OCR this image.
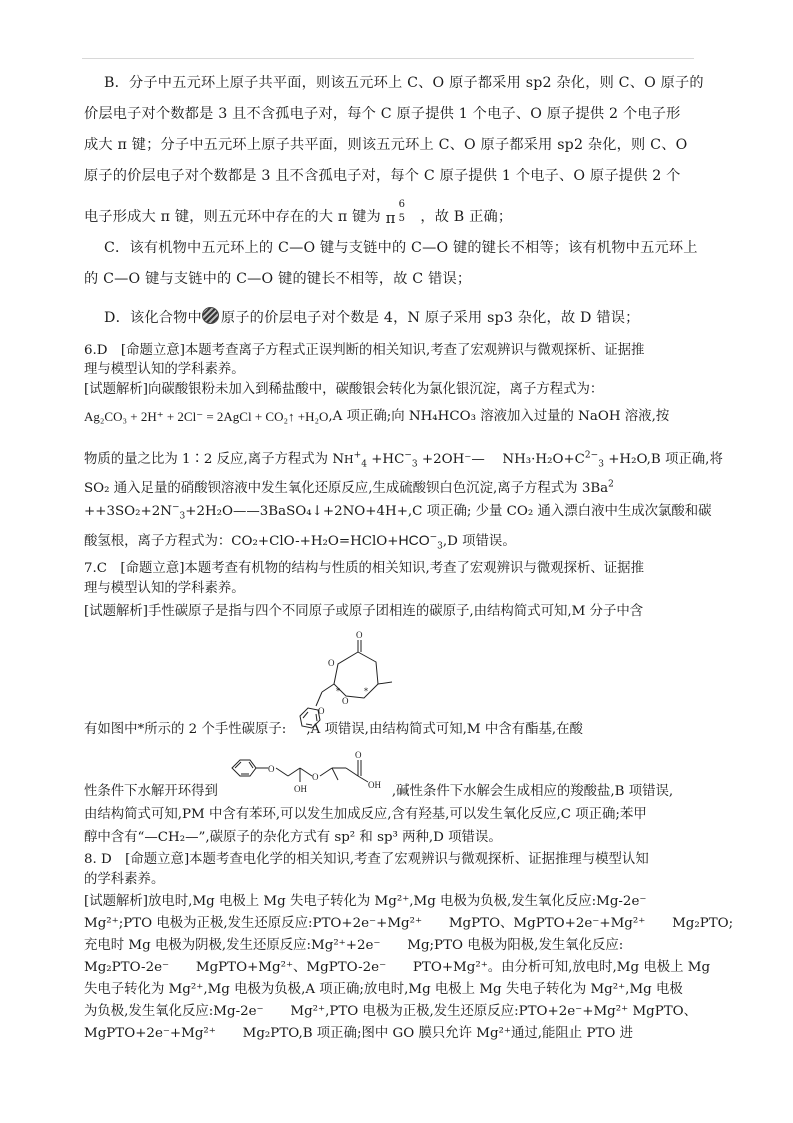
B．分子中五元环上原子共平面，则该五元环上 C、O 原子都采用 sp2 杂化，则 C、O 原子的
价层电子对个数都是 3 且不含孤电子对，每个 C 原子提供 1 个电子、O 原子提供 2 个电子形
成大 π 键；分子中五元环上原子共平面，则该五元环上 C、O 原子都采用 sp2 杂化，则 C、O
原子的价层电子对个数都是 3 且不含孤电子对，每个 C 原子提供 1 个电子、O 原子提供 2 个
电子形成大 π 键，则五元环中存在的大 π 键为 π
6
5 ，故 B 正确；
C．该有机物中五元环上的 C—O 键与支链中的 C—O 键的键长不相等；该有机物中五元环上
的 C—O 键与支链中的 C—O 键的键长不相等，故 C 错误；
D．该化合物中 原子的价层电子对个数是 4，N 原子采用 sp3 杂化，故 D 错误；
6.D　[命题立意]本题考查离子方程式正误判断的相关知识,考查了宏观辨识与微观探析、证据推
理与模型认知的学科素养。
[试题解析]向碳酸银粉未加入到稀盐酸中，碳酸银会转化为氯化银沉淀，离子方程式为：
Ag₂CO₃ + 2H⁺ + 2Cl⁻ = 2AgCl + CO₂↑ +H₂O,A 项正确;向 NH₄HCO₃ 溶液加入过量的 NaOH 溶液,按
物质的量之比为 1∶2 反应,离子方程式为 $NH^+_4 +HC^-_3$ +2OH⁻— 　$NH_3\cdot H_2O+C^{2-}_3 +H_2O,B$ 项正确,将
SO₂ 通入足量的硝酸钡溶液中发生氧化还原反应,生成硫酸钡白色沉淀,离子方程式为 $3Ba^2$
$++3SO_2+2N^-_3+2H_2O——3BaSO_4↓+2NO+4H+,C$ 项正确; 少量 CO₂ 通入漂白液中生成次氯酸和碳
酸氢根，离子方程式为：$CO_2+ClO-+H_2O=HClO+HCO^-_3,D$ 项错误。
7.C　[命题立意]本题考查有机物的结构与性质的相关知识,考查了宏观辨识与微观探析、证据推
理与模型认知的学科素养。
[试题解析]手性碳原子是指与四个不同原子或原子团相连的碳原子,由结构简式可知,M 分子中含
O
O
O
O
*	*
有如图中*所示的 2 个手性碳原子: ,A 项错误,由结构简式可知,M 中含有酯基,在酸
O
O
OH
O
OH
性条件下水解开环得到	,碱性条件下水解会生成相应的羧酸盐,B 项错误,
由结构简式可知,PM 中含有苯环,可以发生加成反应,含有羟基,可以发生氧化反应,C 项正确;苯甲
醇中含有“—CH₂—”,碳原子的杂化方式有 sp² 和 sp³ 两种,D 项错误。
8. D　[命题立意]本题考查电化学的相关知识,考查了宏观辨识与微观探析、证据推理与模型认知
的学科素养。
[试题解析]放电时,Mg 电极上 Mg 失电子转化为 Mg²⁺,Mg 电极为负极,发生氧化反应:Mg-2e⁻
Mg²⁺;PTO 电极为正极,发生还原反应:PTO+2e⁻+Mg²⁺　　MgPTO、MgPTO+2e⁻+Mg²⁺　　Mg₂PTO;
充电时 Mg 电极为阴极,发生还原反应:Mg²⁺+2e⁻　　Mg;PTO 电极为阳极,发生氧化反应:
Mg₂PTO-2e⁻　　MgPTO+Mg²⁺、MgPTO-2e⁻　　PTO+Mg²⁺。由分析可知,放电时,Mg 电极上 Mg
失电子转化为 Mg²⁺,Mg 电极为负极,A 项正确;放电时,Mg 电极上 Mg 失电子转化为 Mg²⁺,Mg 电极
为负极,发生氧化反应:Mg-2e⁻　　Mg²⁺,PTO 电极为正极,发生还原反应:PTO+2e⁻+Mg²⁺ MgPTO、
MgPTO+2e⁻+Mg²⁺　　Mg₂PTO,B 项正确;图中 GO 膜只允许 Mg²⁺通过,能阻止 PTO 进
